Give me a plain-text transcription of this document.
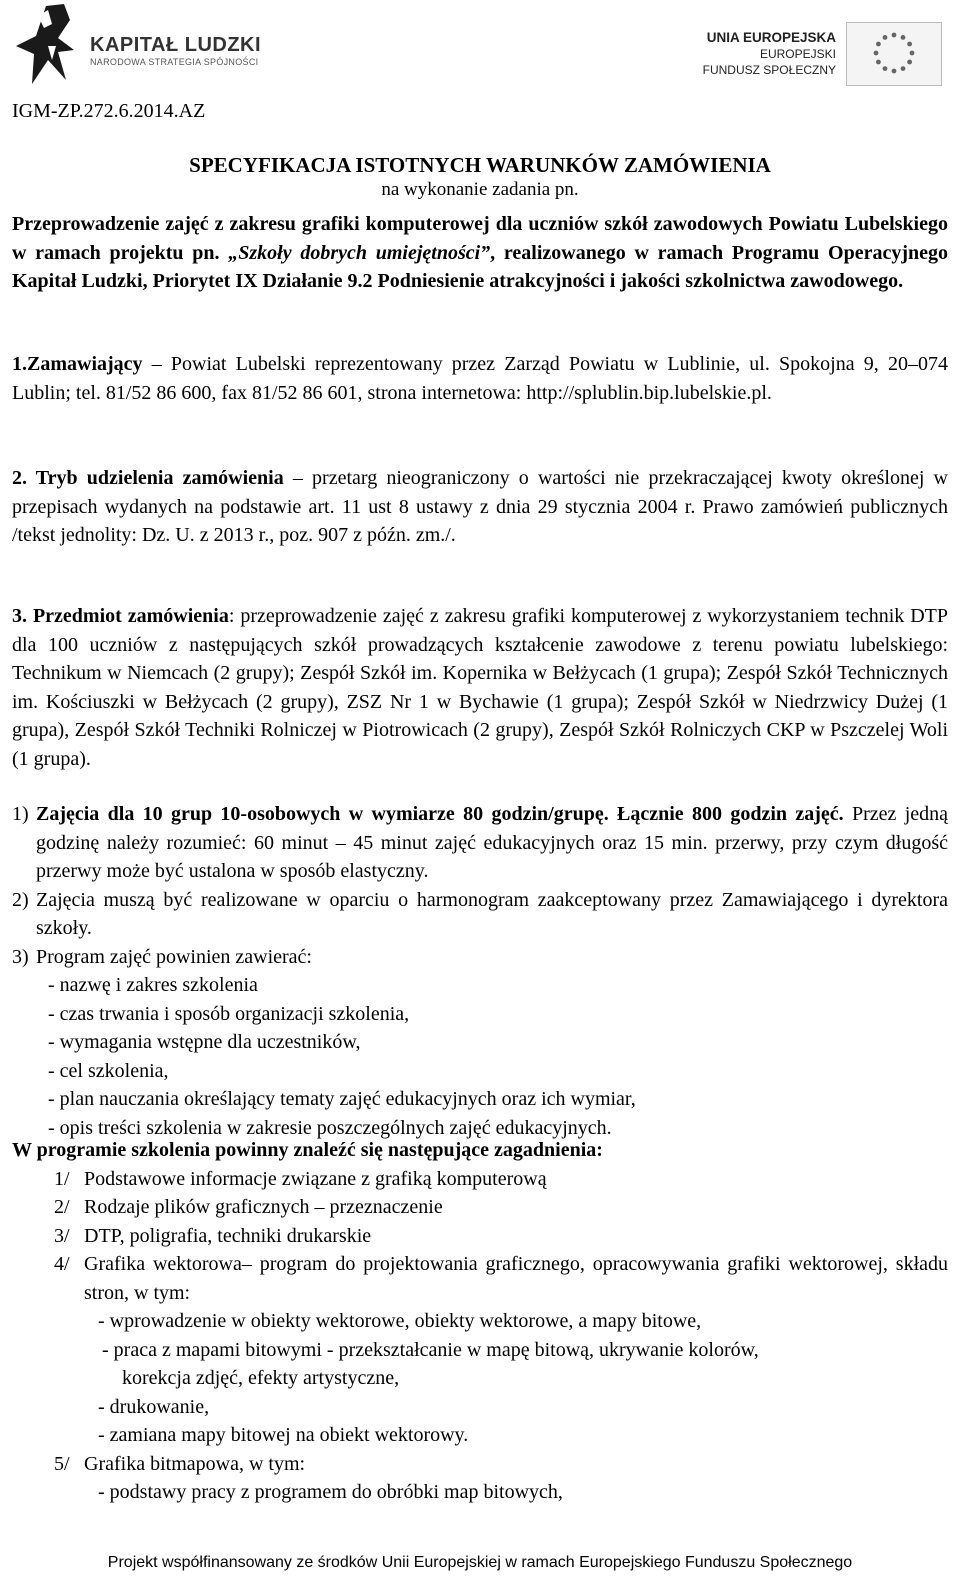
KAPITAŁ LUDZKI
NARODOWA STRATEGIA SPÓJNOŚCI
UNIA EUROPEJSKA
EUROPEJSKI
FUNDUSZ SPOŁECZNY
IGM-ZP.272.6.2014.AZ
SPECYFIKACJA ISTOTNYCH WARUNKÓW ZAMÓWIENIA
na wykonanie zadania pn.
Przeprowadzenie zajęć z zakresu grafiki komputerowej dla uczniów szkół zawodowych Powiatu Lubelskiego w ramach projektu pn. „Szkoły dobrych umiejętności”, realizowanego w ramach Programu Operacyjnego Kapitał Ludzki, Priorytet IX Działanie 9.2 Podniesienie atrakcyjności i jakości szkolnictwa zawodowego.
1.Zamawiający – Powiat Lubelski reprezentowany przez Zarząd Powiatu w Lublinie, ul. Spokojna 9, 20–074 Lublin; tel. 81/52 86 600, fax 81/52 86 601, strona internetowa: http://splublin.bip.lubelskie.pl.
2. Tryb udzielenia zamówienia – przetarg nieograniczony o wartości nie przekraczającej kwoty określonej w przepisach wydanych na podstawie art. 11 ust 8 ustawy z dnia 29 stycznia 2004 r. Prawo zamówień publicznych /tekst jednolity: Dz. U. z 2013 r., poz. 907 z późn. zm./.
3. Przedmiot zamówienia: przeprowadzenie zajęć z zakresu grafiki komputerowej z wykorzystaniem technik DTP dla 100 uczniów z następujących szkół prowadzących kształcenie zawodowe z terenu powiatu lubelskiego: Technikum w Niemcach (2 grupy); Zespół Szkół im. Kopernika w Bełżycach (1 grupa); Zespół Szkół Technicznych im. Kościuszki w Bełżycach (2 grupy), ZSZ Nr 1 w Bychawie (1 grupa); Zespół Szkół w Niedrzwicy Dużej (1 grupa), Zespół Szkół Techniki Rolniczej w Piotrowicach (2 grupy), Zespół Szkół Rolniczych CKP w Pszczelej Woli (1 grupa).
1) Zajęcia dla 10 grup 10-osobowych w wymiarze 80 godzin/grupę. Łącznie 800 godzin zajęć. Przez jedną godzinę należy rozumieć: 60 minut – 45 minut zajęć edukacyjnych oraz 15 min. przerwy, przy czym długość przerwy może być ustalona w sposób elastyczny.
2) Zajęcia muszą być realizowane w oparciu o harmonogram zaakceptowany przez Zamawiającego i dyrektora szkoły.
3) Program zajęć powinien zawierać:
- nazwę i zakres szkolenia
- czas trwania i sposób organizacji szkolenia,
- wymagania wstępne dla uczestników,
- cel szkolenia,
- plan nauczania określający tematy zajęć edukacyjnych oraz ich wymiar,
- opis treści szkolenia w zakresie poszczególnych zajęć edukacyjnych.
W programie szkolenia powinny znaleźć się następujące zagadnienia:
1/ Podstawowe informacje związane z grafiką komputerową
2/ Rodzaje plików graficznych – przeznaczenie
3/ DTP, poligrafia, techniki drukarskie
4/ Grafika wektorowa– program do projektowania graficznego, opracowywania grafiki wektorowej, składu stron, w tym:
- wprowadzenie w obiekty wektorowe, obiekty wektorowe, a mapy bitowe,
- praca z mapami bitowymi - przekształcanie w mapę bitową, ukrywanie kolorów,
korekcja zdjęć, efekty artystyczne,
- drukowanie,
- zamiana mapy bitowej na obiekt wektorowy.
5/ Grafika bitmapowa, w tym:
- podstawy pracy z programem do obróbki map bitowych,
Projekt współfinansowany ze środków Unii Europejskiej w ramach Europejskiego Funduszu Społecznego
